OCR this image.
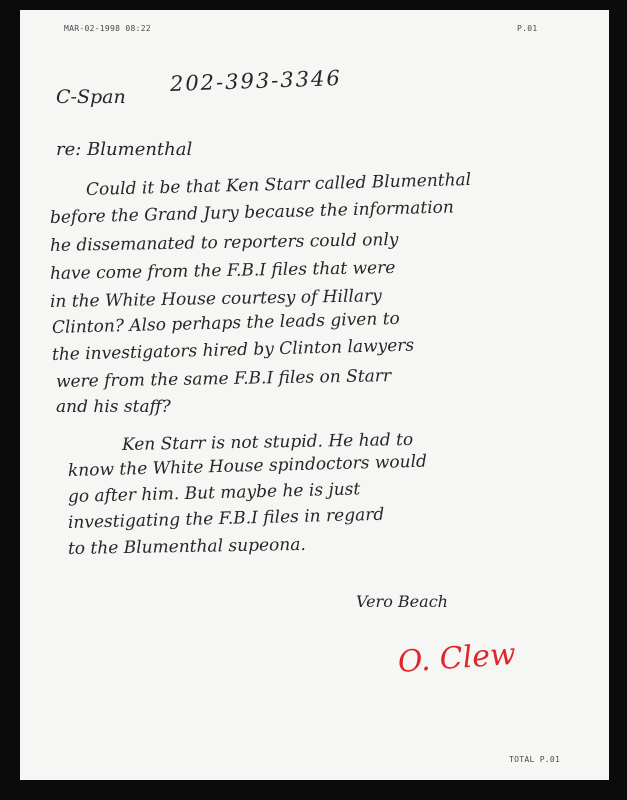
MAR-02-1998 08:22	P.01
C-Span
202-393-3346
re: Blumenthal
Could it be that Ken Starr called Blumenthal
before the Grand Jury because the information
he dissemanated to reporters could only
have come from the F.B.I files that were
in the White House courtesy of Hillary
Clinton? Also perhaps the leads given to
the investigators hired by Clinton lawyers
were from the same F.B.I files on Starr
and his staff?
Ken Starr is not stupid. He had to
know the White House spindoctors would
go after him. But maybe he is just
investigating the F.B.I files in regard
to the Blumenthal supeona.
Vero Beach
O. Clew
TOTAL P.01
